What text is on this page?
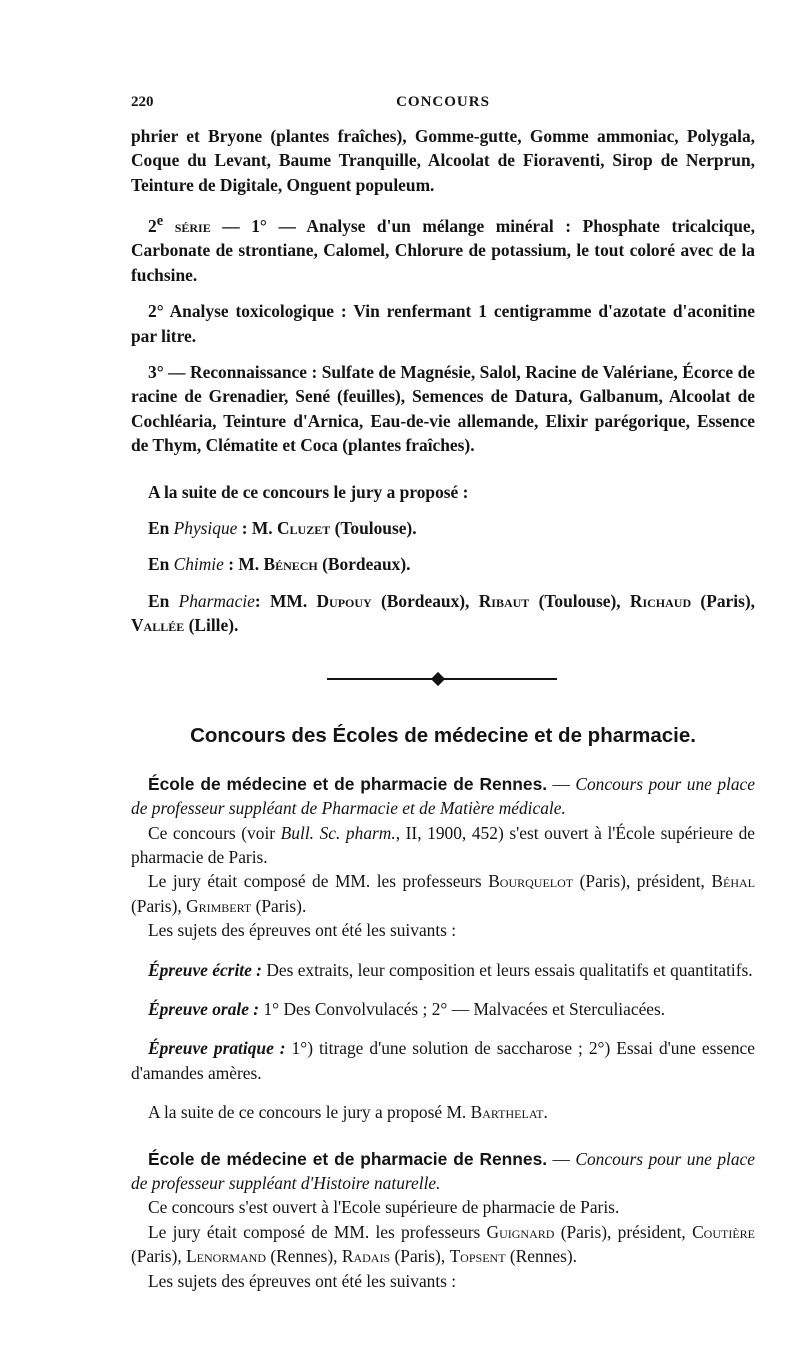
220	CONCOURS

phrier et Bryone (plantes fraîches), Gomme-gutte, Gomme ammoniac, Polygala, Coque du Levant, Baume Tranquille, Alcoolat de Fioraventi, Sirop de Nerprun, Teinture de Digitale, Onguent populeum.

2e série — 1° — Analyse d'un mélange minéral : Phosphate tricalcique, Carbonate de strontiane, Calomel, Chlorure de potassium, le tout coloré avec de la fuchsine.

2° Analyse toxicologique : Vin renfermant 1 centigramme d'azotate d'aconitine par litre.

3° — Reconnaissance : Sulfate de Magnésie, Salol, Racine de Valériane, Écorce de racine de Grenadier, Sené (feuilles), Semences de Datura, Galbanum, Alcoolat de Cochléaria, Teinture d'Arnica, Eau-de-vie allemande, Elixir parégorique, Essence de Thym, Clématite et Coca (plantes fraîches).

A la suite de ce concours le jury a proposé :

En Physique : M. Cluzet (Toulouse).

En Chimie : M. Bénech (Bordeaux).

En Pharmacie: MM. Dupouy (Bordeaux), Ribaut (Toulouse), Richaud (Paris), Vallée (Lille).

Concours des Écoles de médecine et de pharmacie.

École de médecine et de pharmacie de Rennes. — Concours pour une place de professeur suppléant de Pharmacie et de Matière médicale.

Ce concours (voir Bull. Sc. pharm., II, 1900, 452) s'est ouvert à l'École supérieure de pharmacie de Paris.

Le jury était composé de MM. les professeurs Bourquelot (Paris), président, Béhal (Paris), Grimbert (Paris).

Les sujets des épreuves ont été les suivants :

Épreuve écrite : Des extraits, leur composition et leurs essais qualitatifs et quantitatifs.

Épreuve orale : 1° Des Convolvulacés ; 2° — Malvacées et Sterculiacées.

Épreuve pratique : 1°) titrage d'une solution de saccharose ; 2°) Essai d'une essence d'amandes amères.

A la suite de ce concours le jury a proposé M. Barthelat.

École de médecine et de pharmacie de Rennes. — Concours pour une place de professeur suppléant d'Histoire naturelle.

Ce concours s'est ouvert à l'Ecole supérieure de pharmacie de Paris.

Le jury était composé de MM. les professeurs Guignard (Paris), président, Coutière (Paris), Lenormand (Rennes), Radais (Paris), Topsent (Rennes).

Les sujets des épreuves ont été les suivants :
